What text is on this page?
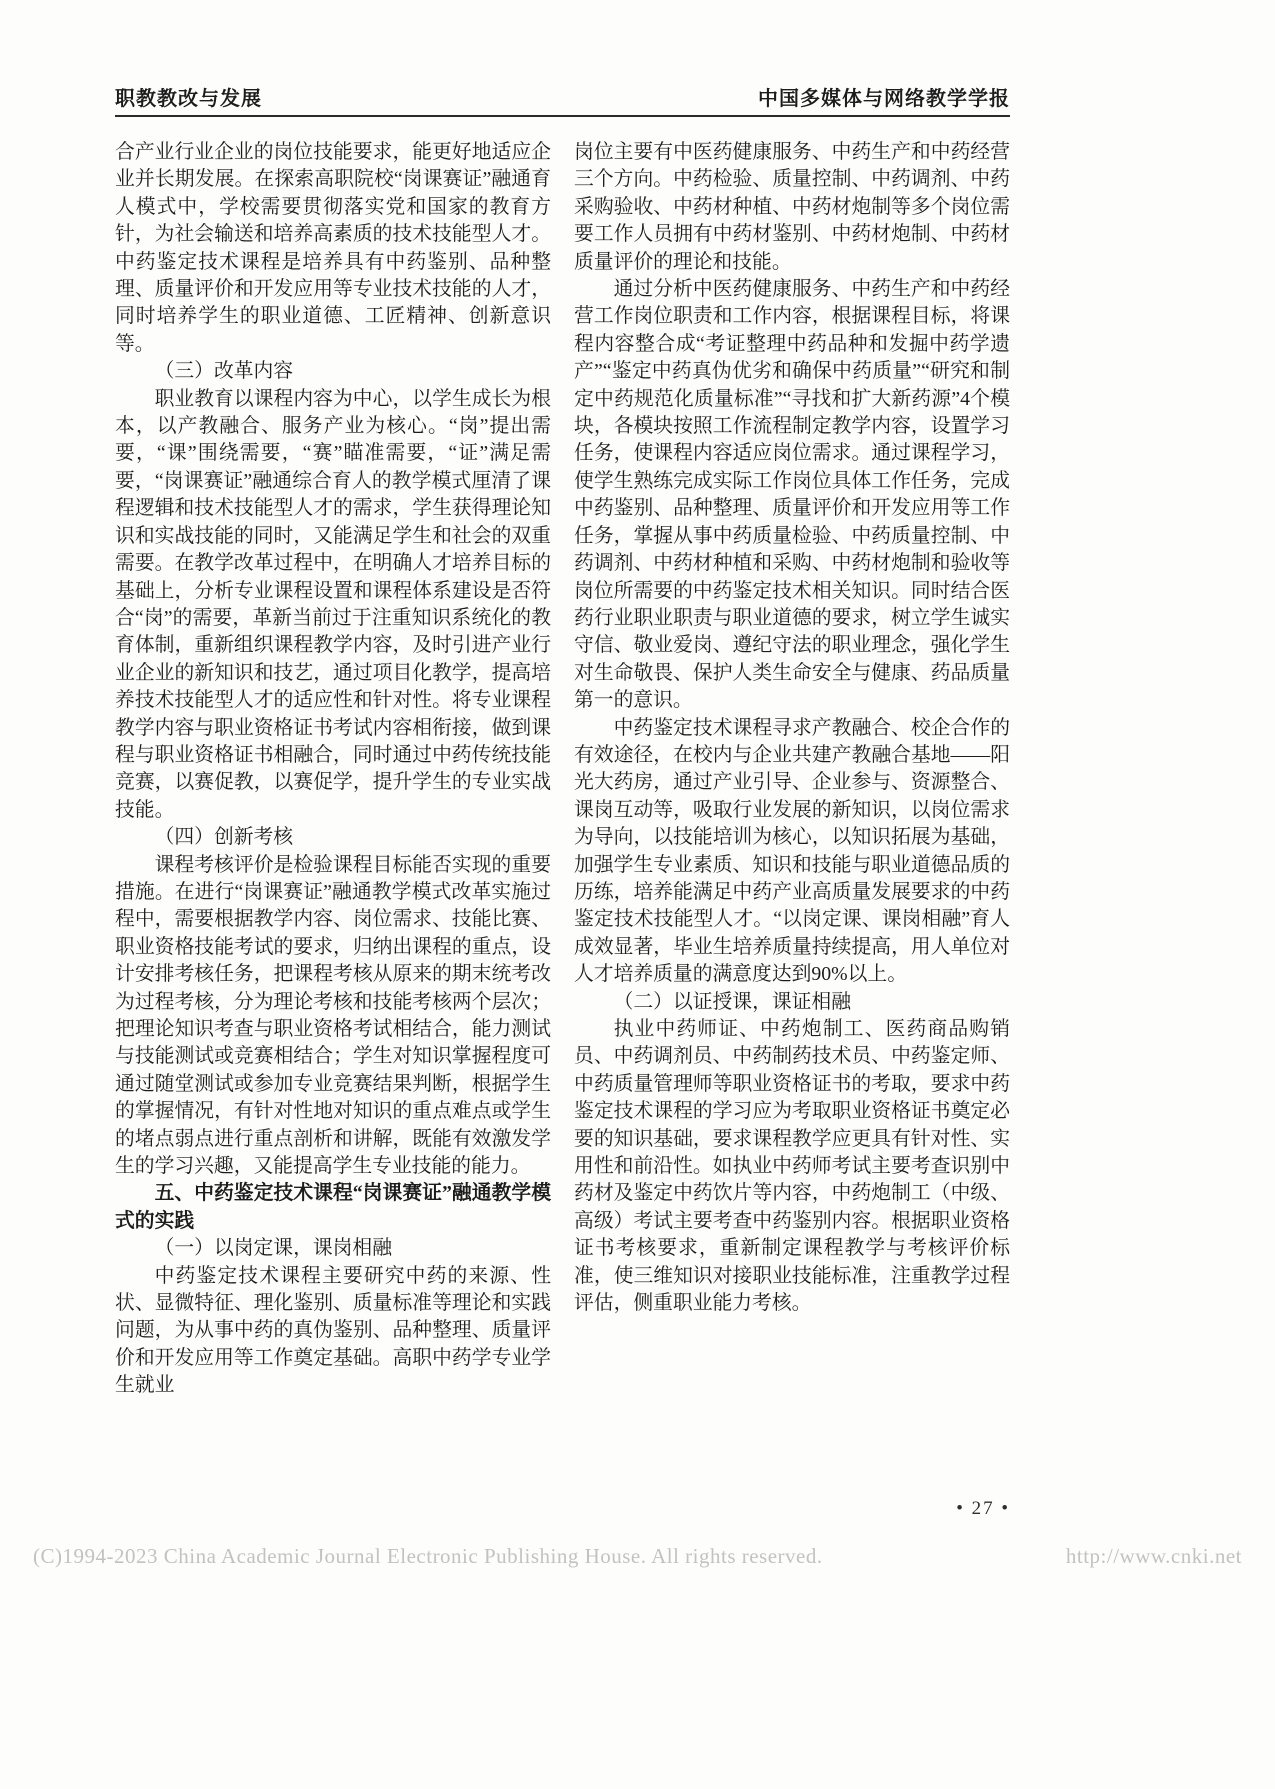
职教教改与发展	中国多媒体与网络教学学报

合产业行业企业的岗位技能要求，能更好地适应企业并长期发展。在探索高职院校“岗课赛证”融通育人模式中，学校需要贯彻落实党和国家的教育方针，为社会输送和培养高素质的技术技能型人才。中药鉴定技术课程是培养具有中药鉴别、品种整理、质量评价和开发应用等专业技术技能的人才，同时培养学生的职业道德、工匠精神、创新意识等。

（三）改革内容

职业教育以课程内容为中心，以学生成长为根本，以产教融合、服务产业为核心。“岗”提出需要，“课”围绕需要，“赛”瞄准需要，“证”满足需要，“岗课赛证”融通综合育人的教学模式厘清了课程逻辑和技术技能型人才的需求，学生获得理论知识和实战技能的同时，又能满足学生和社会的双重需要。在教学改革过程中，在明确人才培养目标的基础上，分析专业课程设置和课程体系建设是否符合“岗”的需要，革新当前过于注重知识系统化的教育体制，重新组织课程教学内容，及时引进产业行业企业的新知识和技艺，通过项目化教学，提高培养技术技能型人才的适应性和针对性。将专业课程教学内容与职业资格证书考试内容相衔接，做到课程与职业资格证书相融合，同时通过中药传统技能竞赛，以赛促教，以赛促学，提升学生的专业实战技能。

（四）创新考核

课程考核评价是检验课程目标能否实现的重要措施。在进行“岗课赛证”融通教学模式改革实施过程中，需要根据教学内容、岗位需求、技能比赛、职业资格技能考试的要求，归纳出课程的重点，设计安排考核任务，把课程考核从原来的期末统考改为过程考核，分为理论考核和技能考核两个层次；把理论知识考查与职业资格考试相结合，能力测试与技能测试或竞赛相结合；学生对知识掌握程度可通过随堂测试或参加专业竞赛结果判断，根据学生的掌握情况，有针对性地对知识的重点难点或学生的堵点弱点进行重点剖析和讲解，既能有效激发学生的学习兴趣，又能提高学生专业技能的能力。

五、中药鉴定技术课程“岗课赛证”融通教学模式的实践

（一）以岗定课，课岗相融

中药鉴定技术课程主要研究中药的来源、性状、显微特征、理化鉴别、质量标准等理论和实践问题，为从事中药的真伪鉴别、品种整理、质量评价和开发应用等工作奠定基础。高职中药学专业学生就业

岗位主要有中医药健康服务、中药生产和中药经营三个方向。中药检验、质量控制、中药调剂、中药采购验收、中药材种植、中药材炮制等多个岗位需要工作人员拥有中药材鉴别、中药材炮制、中药材质量评价的理论和技能。

通过分析中医药健康服务、中药生产和中药经营工作岗位职责和工作内容，根据课程目标，将课程内容整合成“考证整理中药品种和发掘中药学遗产”“鉴定中药真伪优劣和确保中药质量”“研究和制定中药规范化质量标准”“寻找和扩大新药源”4个模块，各模块按照工作流程制定教学内容，设置学习任务，使课程内容适应岗位需求。通过课程学习，使学生熟练完成实际工作岗位具体工作任务，完成中药鉴别、品种整理、质量评价和开发应用等工作任务，掌握从事中药质量检验、中药质量控制、中药调剂、中药材种植和采购、中药材炮制和验收等岗位所需要的中药鉴定技术相关知识。同时结合医药行业职业职责与职业道德的要求，树立学生诚实守信、敬业爱岗、遵纪守法的职业理念，强化学生对生命敬畏、保护人类生命安全与健康、药品质量第一的意识。

中药鉴定技术课程寻求产教融合、校企合作的有效途径，在校内与企业共建产教融合基地——阳光大药房，通过产业引导、企业参与、资源整合、课岗互动等，吸取行业发展的新知识，以岗位需求为导向，以技能培训为核心，以知识拓展为基础，加强学生专业素质、知识和技能与职业道德品质的历练，培养能满足中药产业高质量发展要求的中药鉴定技术技能型人才。“以岗定课、课岗相融”育人成效显著，毕业生培养质量持续提高，用人单位对人才培养质量的满意度达到90%以上。

（二）以证授课，课证相融

执业中药师证、中药炮制工、医药商品购销员、中药调剂员、中药制药技术员、中药鉴定师、中药质量管理师等职业资格证书的考取，要求中药鉴定技术课程的学习应为考取职业资格证书奠定必要的知识基础，要求课程教学应更具有针对性、实用性和前沿性。如执业中药师考试主要考查识别中药材及鉴定中药饮片等内容，中药炮制工（中级、高级）考试主要考查中药鉴别内容。根据职业资格证书考核要求，重新制定课程教学与考核评价标准，使三维知识对接职业技能标准，注重教学过程评估，侧重职业能力考核。

• 27 •
(C)1994-2023 China Academic Journal Electronic Publishing House. All rights reserved.	http://www.cnki.net
